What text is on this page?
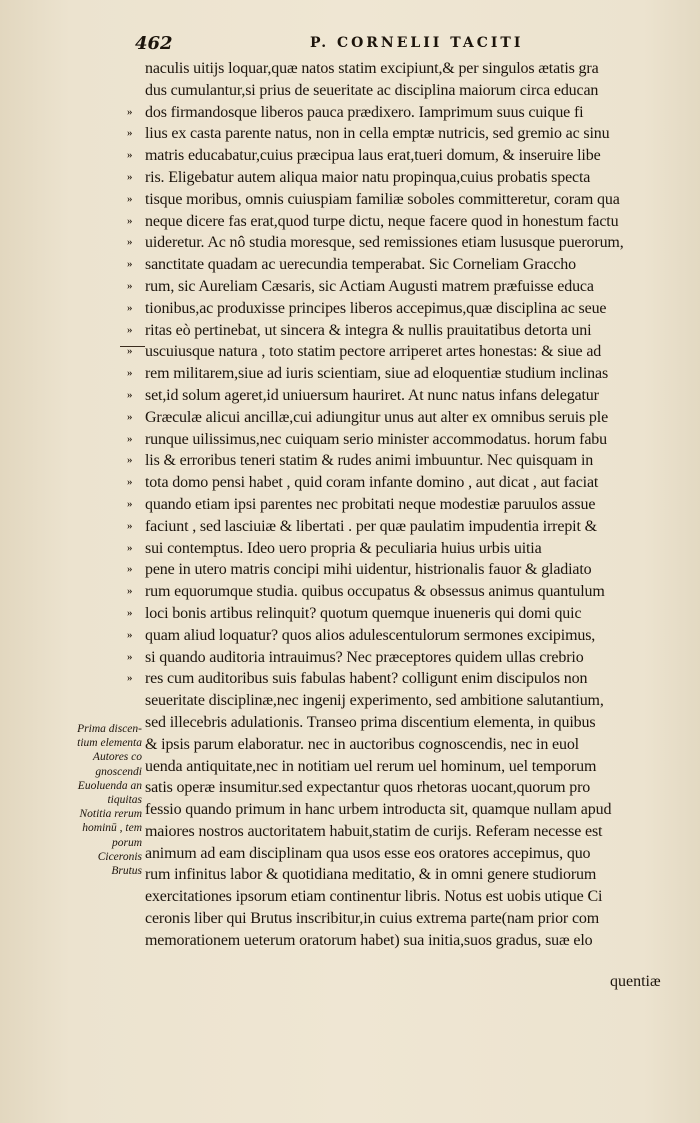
462	P. CORNELII TACITI
naculis uitijs loquar,quæ natos statim excipiunt,& per singulos ætatis gra
dus cumulantur,si prius de seueritate ac disciplina maiorum circa educan
» dos firmandosque liberos pauca prædixero. Iamprimum suus cuique fi
» lius ex casta parente natus, non in cella emptæ nutricis, sed gremio ac sinu
» matris educabatur,cuius præcipua laus erat,tueri domum, & inseruire libe
» ris. Eligebatur autem aliqua maior natu propinqua,cuius probatis specta
» tisque moribus, omnis cuiuspiam familiæ soboles committeretur, coram qua
» neque dicere fas erat,quod turpe dictu, neque facere quod in honestum factu
» uideretur. Ac nô studia moresque, sed remissiones etiam lususque puerorum,
» sanctitate quadam ac uerecundia temperabat. Sic Corneliam Graccho
» rum, sic Aureliam Cæsaris, sic Actiam Augusti matrem præfuisse educa
» tionibus,ac produxisse principes liberos accepimus,quæ disciplina ac seue
» ritas eò pertinebat, ut sincera & integra & nullis prauitatibus detorta uni
» uscuiusque natura , toto statim pectore arriperet artes honestas: & siue ad
» rem militarem,siue ad iuris scientiam, siue ad eloquentiæ studium inclinas
» set,id solum ageret,id uniuersum hauriret. At nunc natus infans delegatur
» Græculæ alicui ancillæ,cui adiungitur unus aut alter ex omnibus seruis ple
» runque uilissimus,nec cuiquam serio minister accommodatus. horum fabu
» lis & erroribus teneri statim & rudes animi imbuuntur. Nec quisquam in
» tota domo pensi habet , quid coram infante domino , aut dicat , aut faciat
» quando etiam ipsi parentes nec probitati neque modestiæ paruulos assue
» faciunt , sed lasciuiæ & libertati . per quæ paulatim impudentia irrepit &
» sui contemptus. Ideo uero propria & peculiaria huius urbis uitia
» pene in utero matris concipi mihi uidentur, histrionalis fauor & gladiato
» rum equorumque studia. quibus occupatus & obsessus animus quantulum
» loci bonis artibus relinquit? quotum quemque inueneris qui domi quic
» quam aliud loquatur? quos alios adulescentulorum sermones excipimus,
» si quando auditoria intrauimus? Nec præceptores quidem ullas crebrio
» res cum auditoribus suis fabulas habent? colligunt enim discipulos non
seueritate disciplinæ,nec ingenij experimento, sed ambitione salutantium,
sed illecebris adulationis. Transeo prima discentium elementa, in quibus
& ipsis parum elaboratur. nec in auctoribus cognoscendis, nec in euol
uenda antiquitate,nec in notitiam uel rerum uel hominum, uel temporum
satis operæ insumitur.sed expectantur quos rhetoras uocant,quorum pro
fessio quando primum in hanc urbem introducta sit, quamque nullam apud
maiores nostros auctoritatem habuit,statim de curijs. Referam necesse est
animum ad eam disciplinam qua usos esse eos oratores accepimus, quo
rum infinitus labor & quotidiana meditatio, & in omni genere studiorum
exercitationes ipsorum etiam continentur libris. Notus est uobis utique Ci
ceronis liber qui Brutus inscribitur,in cuius extrema parte(nam prior com
memorationem ueterum oratorum habet) sua initia,suos gradus, suæ elo
Prima discen-
tium elementa
Autores co
gnoscendi
Euoluenda an
tiquitas
Notitia rerum
hominū , tem
porum
Ciceronis
Brutus
quentiæ
